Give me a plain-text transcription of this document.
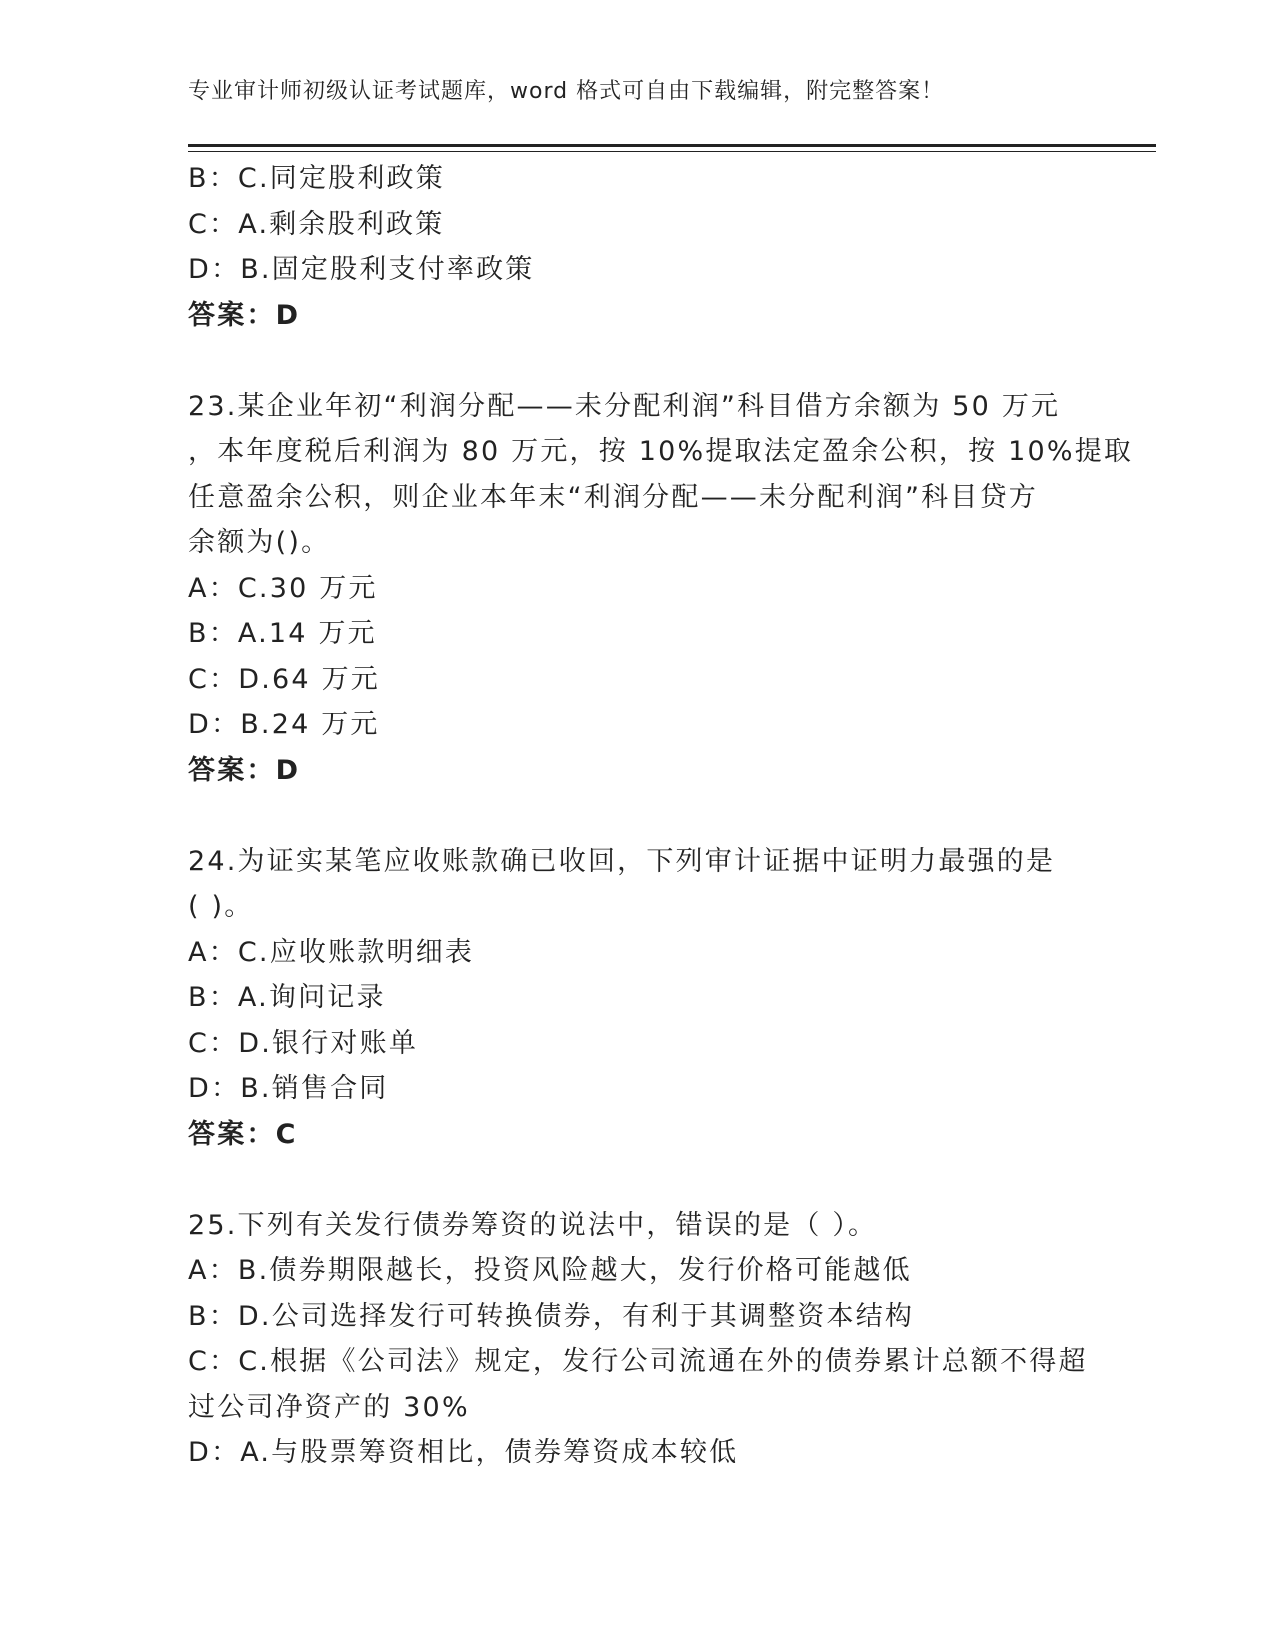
专业审计师初级认证考试题库，word 格式可自由下载编辑，附完整答案！
B：C.同定股利政策
C：A.剩余股利政策
D：B.固定股利支付率政策
答案：D
23.某企业年初“利润分配——未分配利润”科目借方余额为 50 万元
，本年度税后利润为 80 万元，按 10%提取法定盈余公积，按 10%提取
任意盈余公积，则企业本年末“利润分配——未分配利润”科目贷方
余额为()。
A：C.30 万元
B：A.14 万元
C：D.64 万元
D：B.24 万元
答案：D
24.为证实某笔应收账款确已收回，下列审计证据中证明力最强的是
( )。
A：C.应收账款明细表
B：A.询问记录
C：D.银行对账单
D：B.销售合同
答案：C
25.下列有关发行债券筹资的说法中，错误的是（ ）。
A：B.债券期限越长，投资风险越大，发行价格可能越低
B：D.公司选择发行可转换债券，有利于其调整资本结构
C：C.根据《公司法》规定，发行公司流通在外的债券累计总额不得超
过公司净资产的 30%
D：A.与股票筹资相比，债券筹资成本较低
